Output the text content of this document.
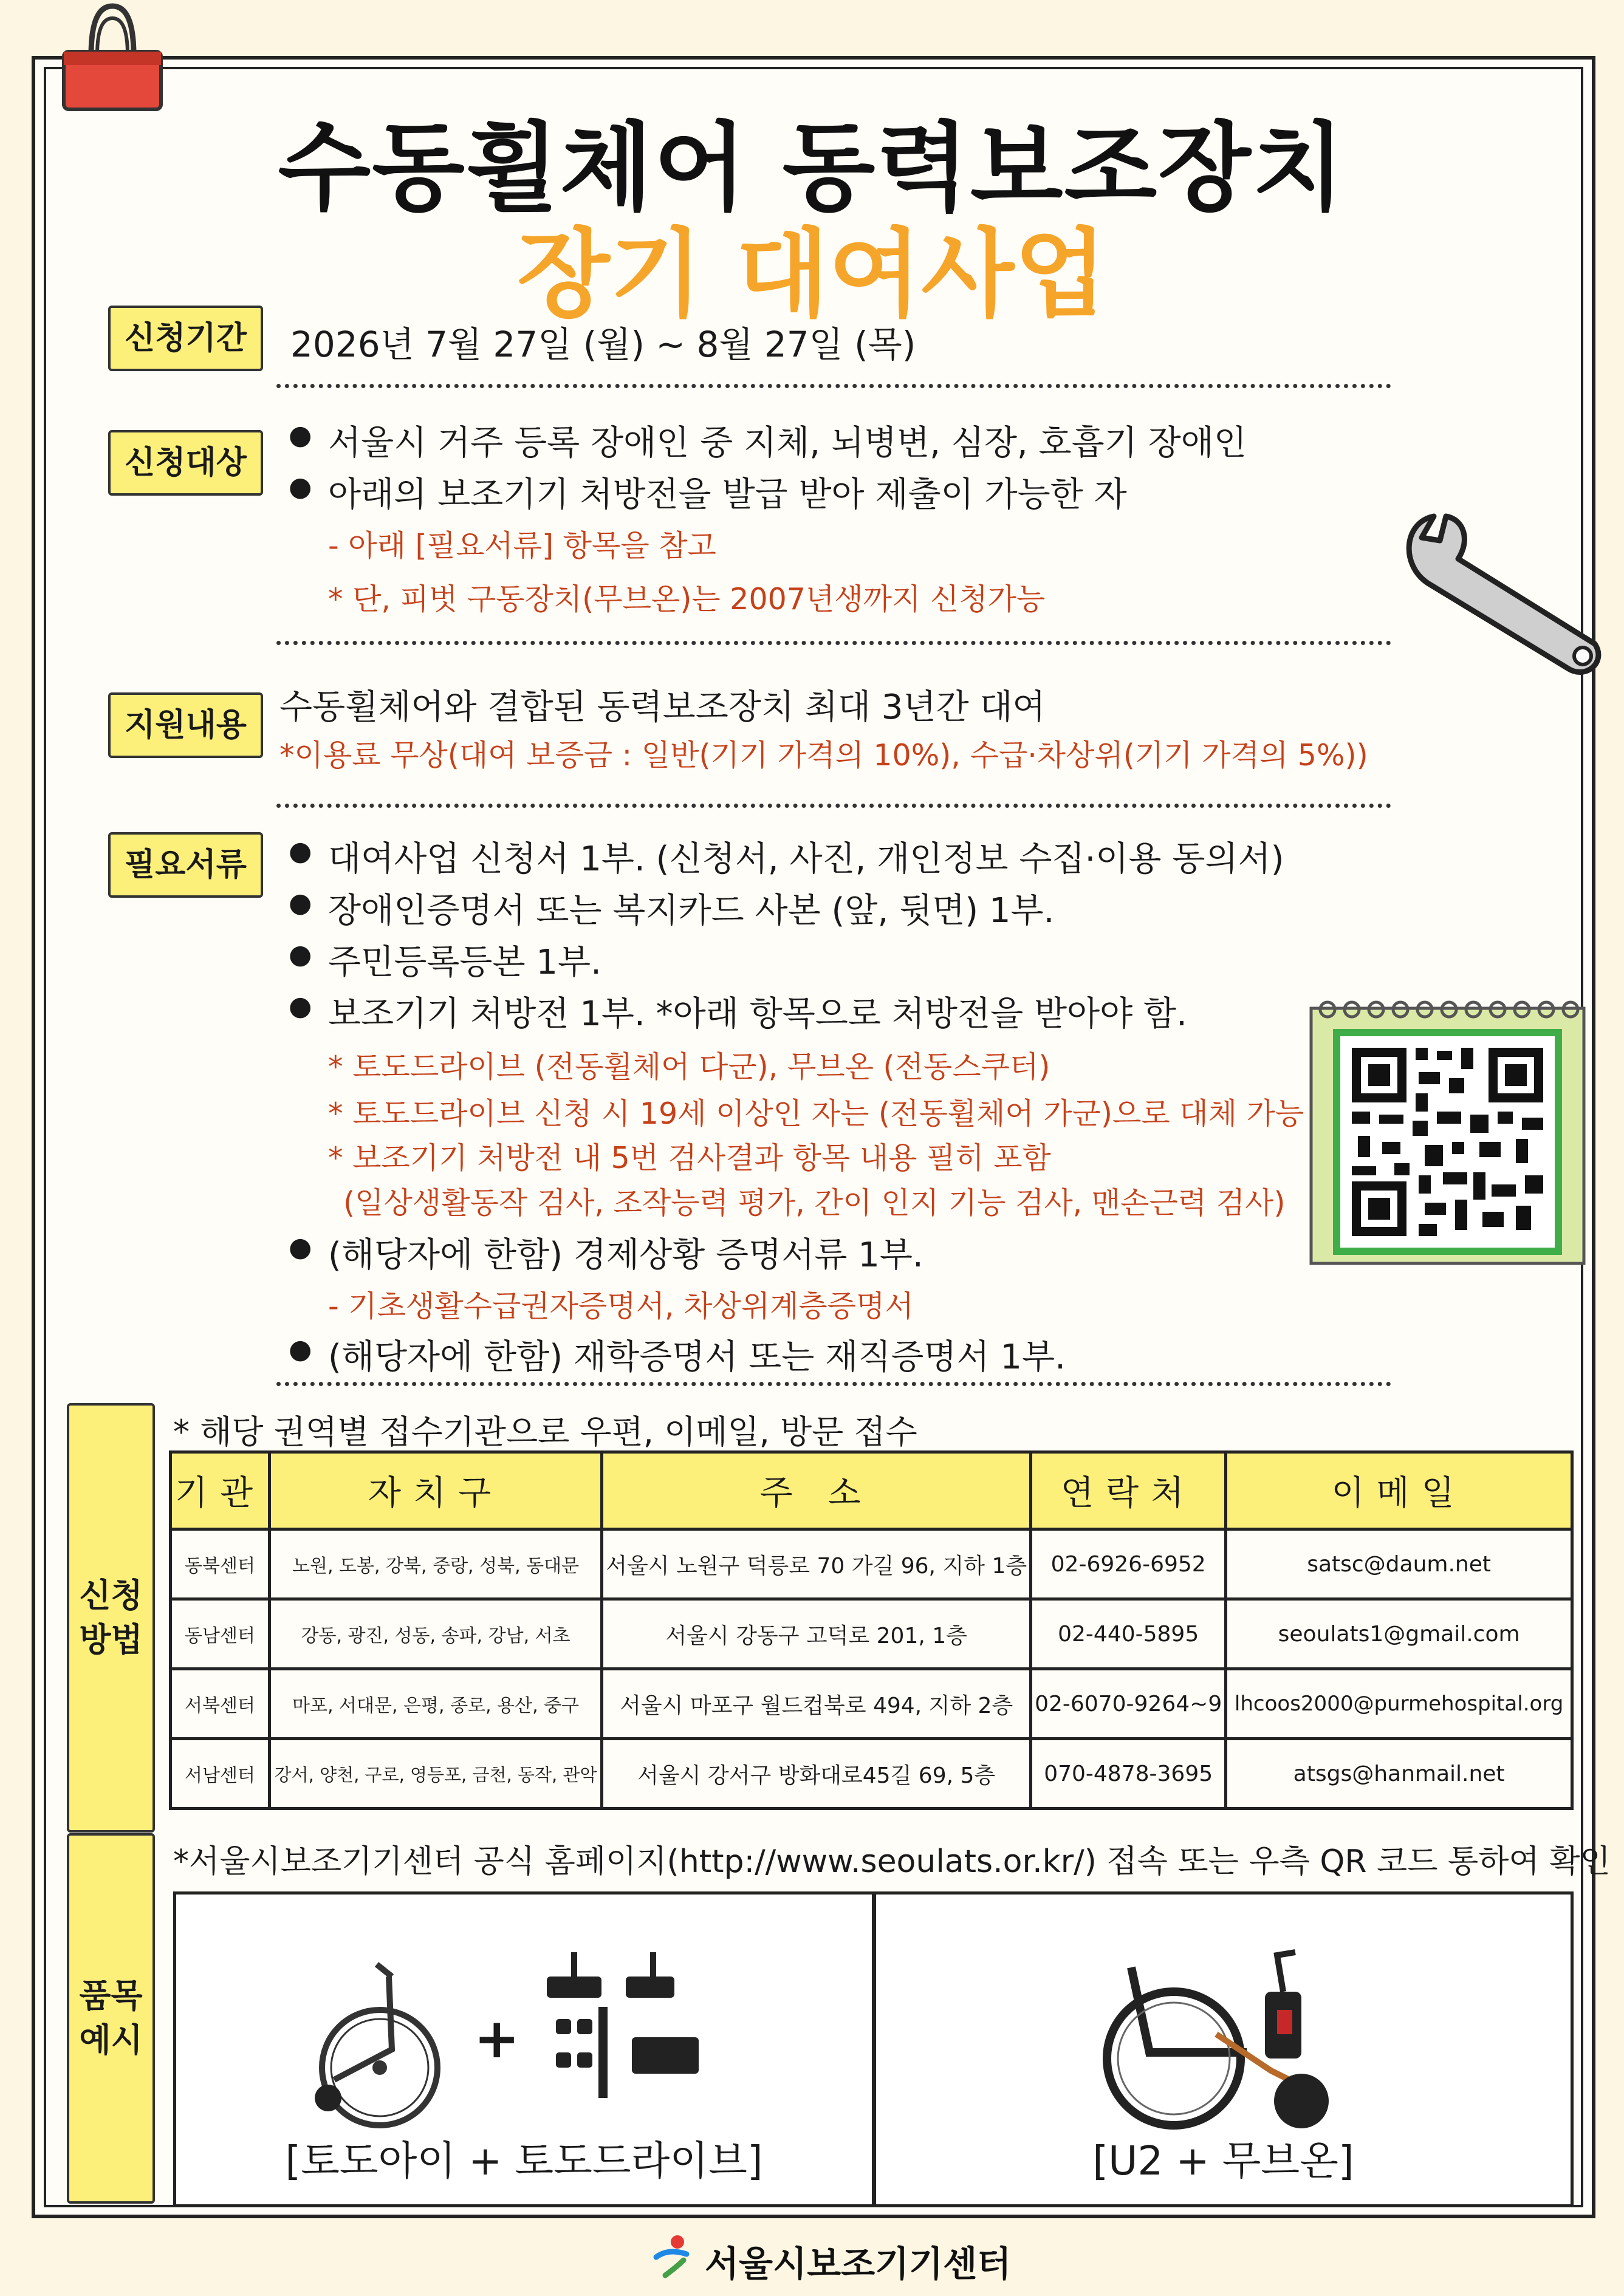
수동휠체어 동력보조장치
장기 대여사업
신청기간	2026년 7월 27일 (월) ~ 8월 27일 (목)
신청대상	● 서울시 거주 등록 장애인 중 지체, 뇌병변, 심장, 호흡기 장애인
● 아래의 보조기기 처방전을 발급 받아 제출이 가능한 자
- 아래 [필요서류] 항목을 참고
* 단, 피벗 구동장치(무브온)는 2007년생까지 신청가능
지원내용 수동휠체어와 결합된 동력보조장치 최대 3년간 대여
*이용료 무상(대여 보증금 : 일반(기기 가격의 10%), 수급·차상위(기기 가격의 5%))
필요서류	● 대여사업 신청서 1부. (신청서, 사진, 개인정보 수집·이용 동의서)
● 장애인증명서 또는 복지카드 사본 (앞, 뒷면) 1부.
● 주민등록등본 1부.
● 보조기기 처방전 1부. *아래 항목으로 처방전을 받아야 함.
* 토도드라이브 (전동휠체어 다군), 무브온 (전동스쿠터)
* 토도드라이브 신청 시 19세 이상인 자는 (전동휠체어 가군)으로 대체 가능
* 보조기기 처방전 내 5번 검사결과 항목 내용 필히 포함
(일상생활동작 검사, 조작능력 평가, 간이 인지 기능 검사, 맨손근력 검사)
● (해당자에 한함) 경제상황 증명서류 1부.
- 기초생활수급권자증명서, 차상위계층증명서
● (해당자에 한함) 재학증명서 또는 재직증명서 1부.
신청
방법
* 해당 권역별 접수기관으로 우편, 이메일, 방문 접수
기관	자치구	주 소	연락처	이메일
동북센터	노원, 도봉, 강북, 중랑, 성북, 동대문	서울시 노원구 덕릉로 70 가길 96, 지하 1층	02-6926-6952	satsc@daum.net
동남센터	강동, 광진, 성동, 송파, 강남, 서초	서울시 강동구 고덕로 201, 1층	02-440-5895	seoulats1@gmail.com
서북센터	마포, 서대문, 은평, 종로, 용산, 중구	서울시 마포구 월드컵북로 494, 지하 2층	02-6070-9264~9	lhcoos2000@purmehospital.org
서남센터	강서, 양천, 구로, 영등포, 금천, 동작, 관악	서울시 강서구 방화대로45길 69, 5층	070-4878-3695	atsgs@hanmail.net
품목
예시
*서울시보조기기센터 공식 홈페이지(http://www.seoulats.or.kr/) 접속 또는 우측 QR 코드 통하여 확인
+
[토도아이 + 토도드라이브]	[U2 + 무브온]
서울시보조기기센터
